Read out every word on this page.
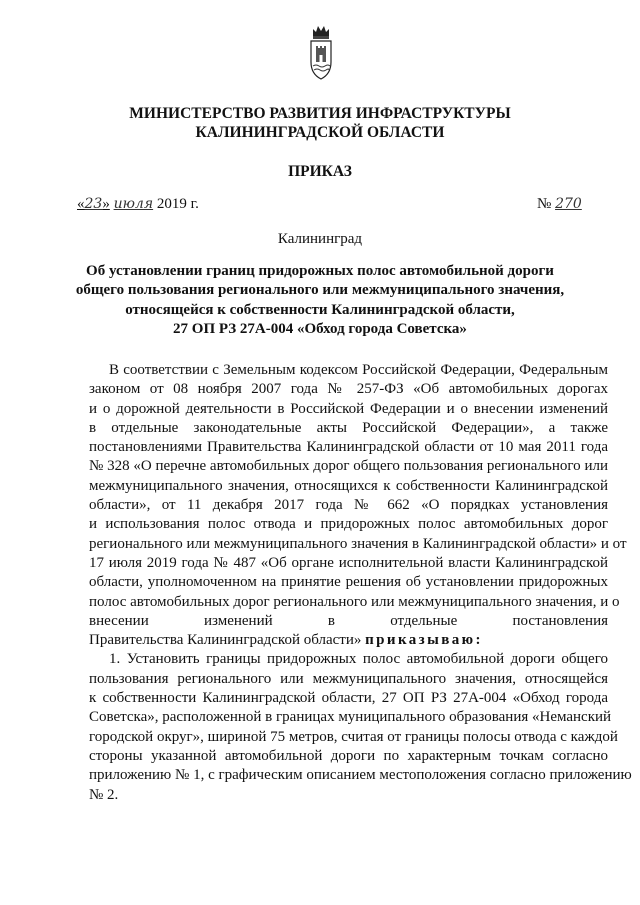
МИНИСТЕРСТВО РАЗВИТИЯ ИНФРАСТРУКТУРЫ
КАЛИНИНГРАДСКОЙ ОБЛАСТИ
ПРИКАЗ
«23» июля 2019 г.	№ 270
Калининград
Об установлении границ придорожных полос автомобильной дороги
общего пользования регионального или межмуниципального значения,
относящейся к собственности Калининградской области,
27 ОП РЗ 27А-004 «Обход города Советска»
В соответствии с Земельным кодексом Российской Федерации, Федеральным
законом от 08 ноября 2007 года № 257-ФЗ «Об автомобильных дорогах
и о дорожной деятельности в Российской Федерации и о внесении изменений
в отдельные законодательные акты Российской Федерации», а также
постановлениями Правительства Калининградской области от 10 мая 2011 года
№ 328 «О перечне автомобильных дорог общего пользования регионального или
межмуниципального значения, относящихся к собственности Калининградской
области», от 11 декабря 2017 года № 662 «О порядках установления
и использования полос отвода и придорожных полос автомобильных дорог
регионального или межмуниципального значения в Калининградской области» и от
17 июля 2019 года № 487 «Об органе исполнительной власти Калининградской
области, уполномоченном на принятие решения об установлении придорожных
полос автомобильных дорог регионального или межмуниципального значения, и о
внесении изменений в отдельные постановления
Правительства Калининградской области» приказываю:
1. Установить границы придорожных полос автомобильной дороги общего
пользования регионального или межмуниципального значения, относящейся
к собственности Калининградской области, 27 ОП РЗ 27А-004 «Обход города
Советска», расположенной в границах муниципального образования «Неманский
городской округ», шириной 75 метров, считая от границы полосы отвода с каждой
стороны указанной автомобильной дороги по характерным точкам согласно
приложению № 1, с графическим описанием местоположения согласно приложению
№ 2.
